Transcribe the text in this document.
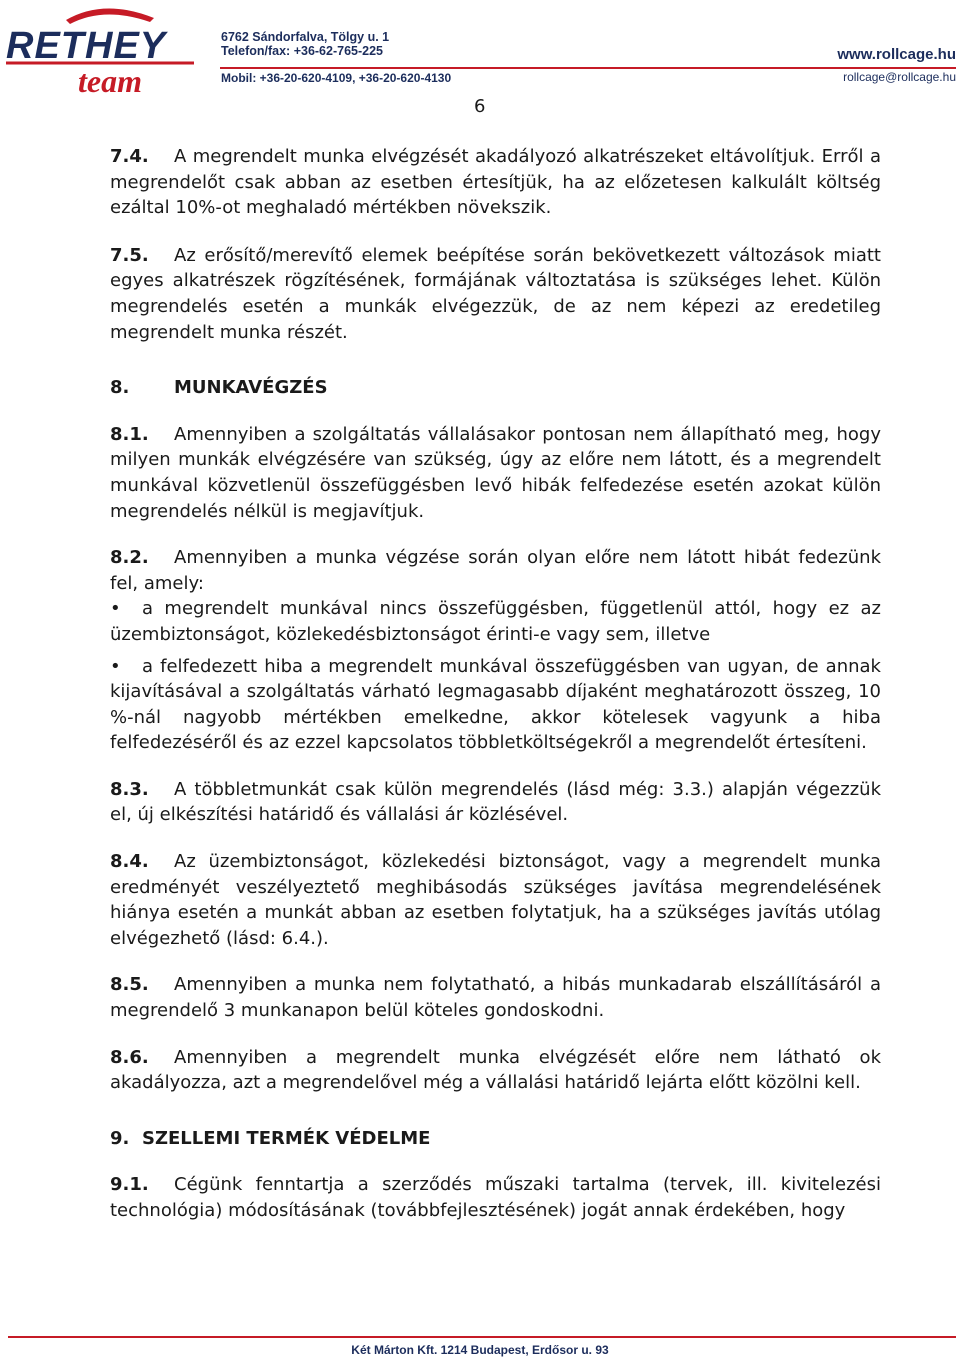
RETHEY
team
6762 Sándorfalva, Tölgy u. 1
Telefon/fax: +36-62-765-225
Mobil: +36-20-620-4109, +36-20-620-4130
www.rollcage.hu
rollcage@rollcage.hu
6

7.4. A megrendelt munka elvégzését akadályozó alkatrészeket eltávolítjuk. Erről a megrendelőt csak abban az esetben értesítjük, ha az előzetesen kalkulált költség ezáltal 10%-ot meghaladó mértékben növekszik.

7.5. Az erősítő/merevítő elemek beépítése során bekövetkezett változások miatt egyes alkatrészek rögzítésének, formájának változtatása is szükséges lehet. Külön megrendelés esetén a munkák elvégezzük, de az nem képezi az eredetileg megrendelt munka részét.

8. MUNKAVÉGZÉS

8.1. Amennyiben a szolgáltatás vállalásakor pontosan nem állapítható meg, hogy milyen munkák elvégzésére van szükség, úgy az előre nem látott, és a megrendelt munkával közvetlenül összefüggésben levő hibák felfedezése esetén azokat külön megrendelés nélkül is megjavítjuk.

8.2. Amennyiben a munka végzése során olyan előre nem látott hibát fedezünk fel, amely:

• a megrendelt munkával nincs összefüggésben, függetlenül attól, hogy ez az üzembiztonságot, közlekedésbiztonságot érinti-e vagy sem, illetve

• a felfedezett hiba a megrendelt munkával összefüggésben van ugyan, de annak kijavításával a szolgáltatás várható legmagasabb díjaként meghatározott összeg, 10 %-nál nagyobb mértékben emelkedne, akkor kötelesek vagyunk a hiba felfedezéséről és az ezzel kapcsolatos többletköltségekről a megrendelőt értesíteni.

8.3. A többletmunkát csak külön megrendelés (lásd még: 3.3.) alapján végezzük el, új elkészítési határidő és vállalási ár közlésével.

8.4. Az üzembiztonságot, közlekedési biztonságot, vagy a megrendelt munka eredményét veszélyeztető meghibásodás szükséges javítása megrendelésének hiánya esetén a munkát abban az esetben folytatjuk, ha a szükséges javítás utólag elvégezhető (lásd: 6.4.).

8.5. Amennyiben a munka nem folytatható, a hibás munkadarab elszállításáról a megrendelő 3 munkanapon belül köteles gondoskodni.

8.6. Amennyiben a megrendelt munka elvégzését előre nem látható ok akadályozza, azt a megrendelővel még a vállalási határidő lejárta előtt közölni kell.

9. SZELLEMI TERMÉK VÉDELME

9.1. Cégünk fenntartja a szerződés műszaki tartalma (tervek, ill. kivitelezési technológia) módosításának (továbbfejlesztésének) jogát annak érdekében, hogy

Két Márton Kft. 1214 Budapest, Erdősor u. 93
